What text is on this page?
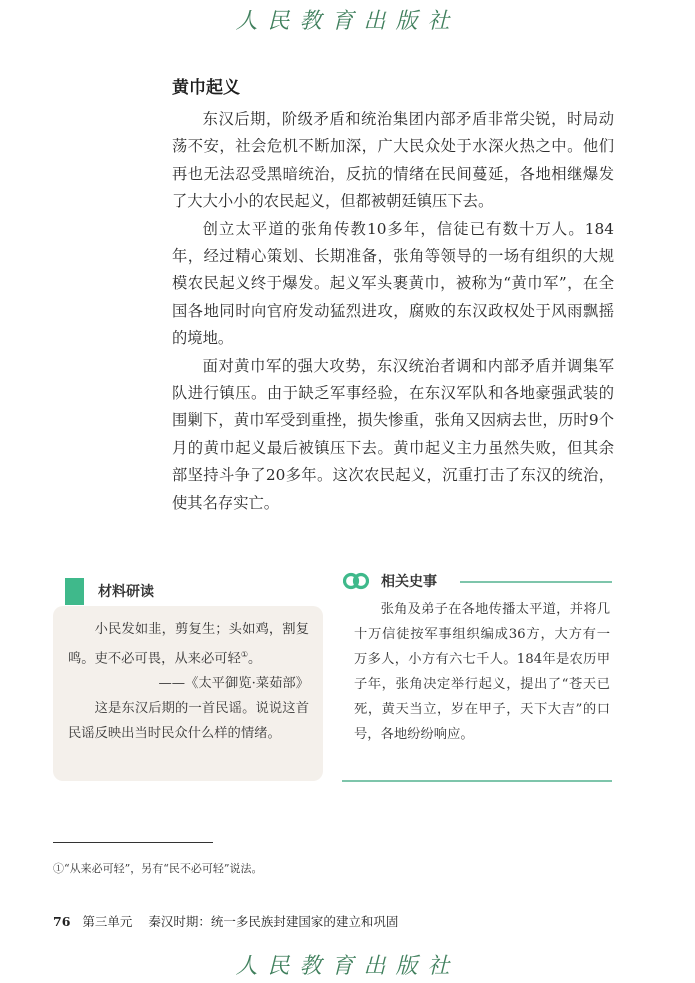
人民教育出版社
黄巾起义

东汉后期，阶级矛盾和统治集团内部矛盾非常尖锐，时局动荡不安，社会危机不断加深，广大民众处于水深火热之中。他们再也无法忍受黑暗统治，反抗的情绪在民间蔓延，各地相继爆发了大大小小的农民起义，但都被朝廷镇压下去。

创立太平道的张角传教10多年，信徒已有数十万人。184年，经过精心策划、长期准备，张角等领导的一场有组织的大规模农民起义终于爆发。起义军头裹黄巾，被称为“黄巾军”，在全国各地同时向官府发动猛烈进攻，腐败的东汉政权处于风雨飘摇的境地。

面对黄巾军的强大攻势，东汉统治者调和内部矛盾并调集军队进行镇压。由于缺乏军事经验，在东汉军队和各地豪强武装的围剿下，黄巾军受到重挫，损失惨重，张角又因病去世，历时9个月的黄巾起义最后被镇压下去。黄巾起义主力虽然失败，但其余部坚持斗争了20多年。这次农民起义，沉重打击了东汉的统治，使其名存实亡。

材料研读

小民发如韭，剪复生；头如鸡，割复鸣。吏不必可畏，从来必可轻①。

——《太平御览·菜茹部》

这是东汉后期的一首民谣。说说这首民谣反映出当时民众什么样的情绪。

相关史事

张角及弟子在各地传播太平道，并将几十万信徒按军事组织编成36方，大方有一万多人，小方有六七千人。184年是农历甲子年，张角决定举行起义，提出了“苍天已死，黄天当立，岁在甲子，天下大吉”的口号，各地纷纷响应。

①“从来必可轻”，另有“民不必可轻”说法。
76 第三单元 秦汉时期：统一多民族封建国家的建立和巩固
人民教育出版社
